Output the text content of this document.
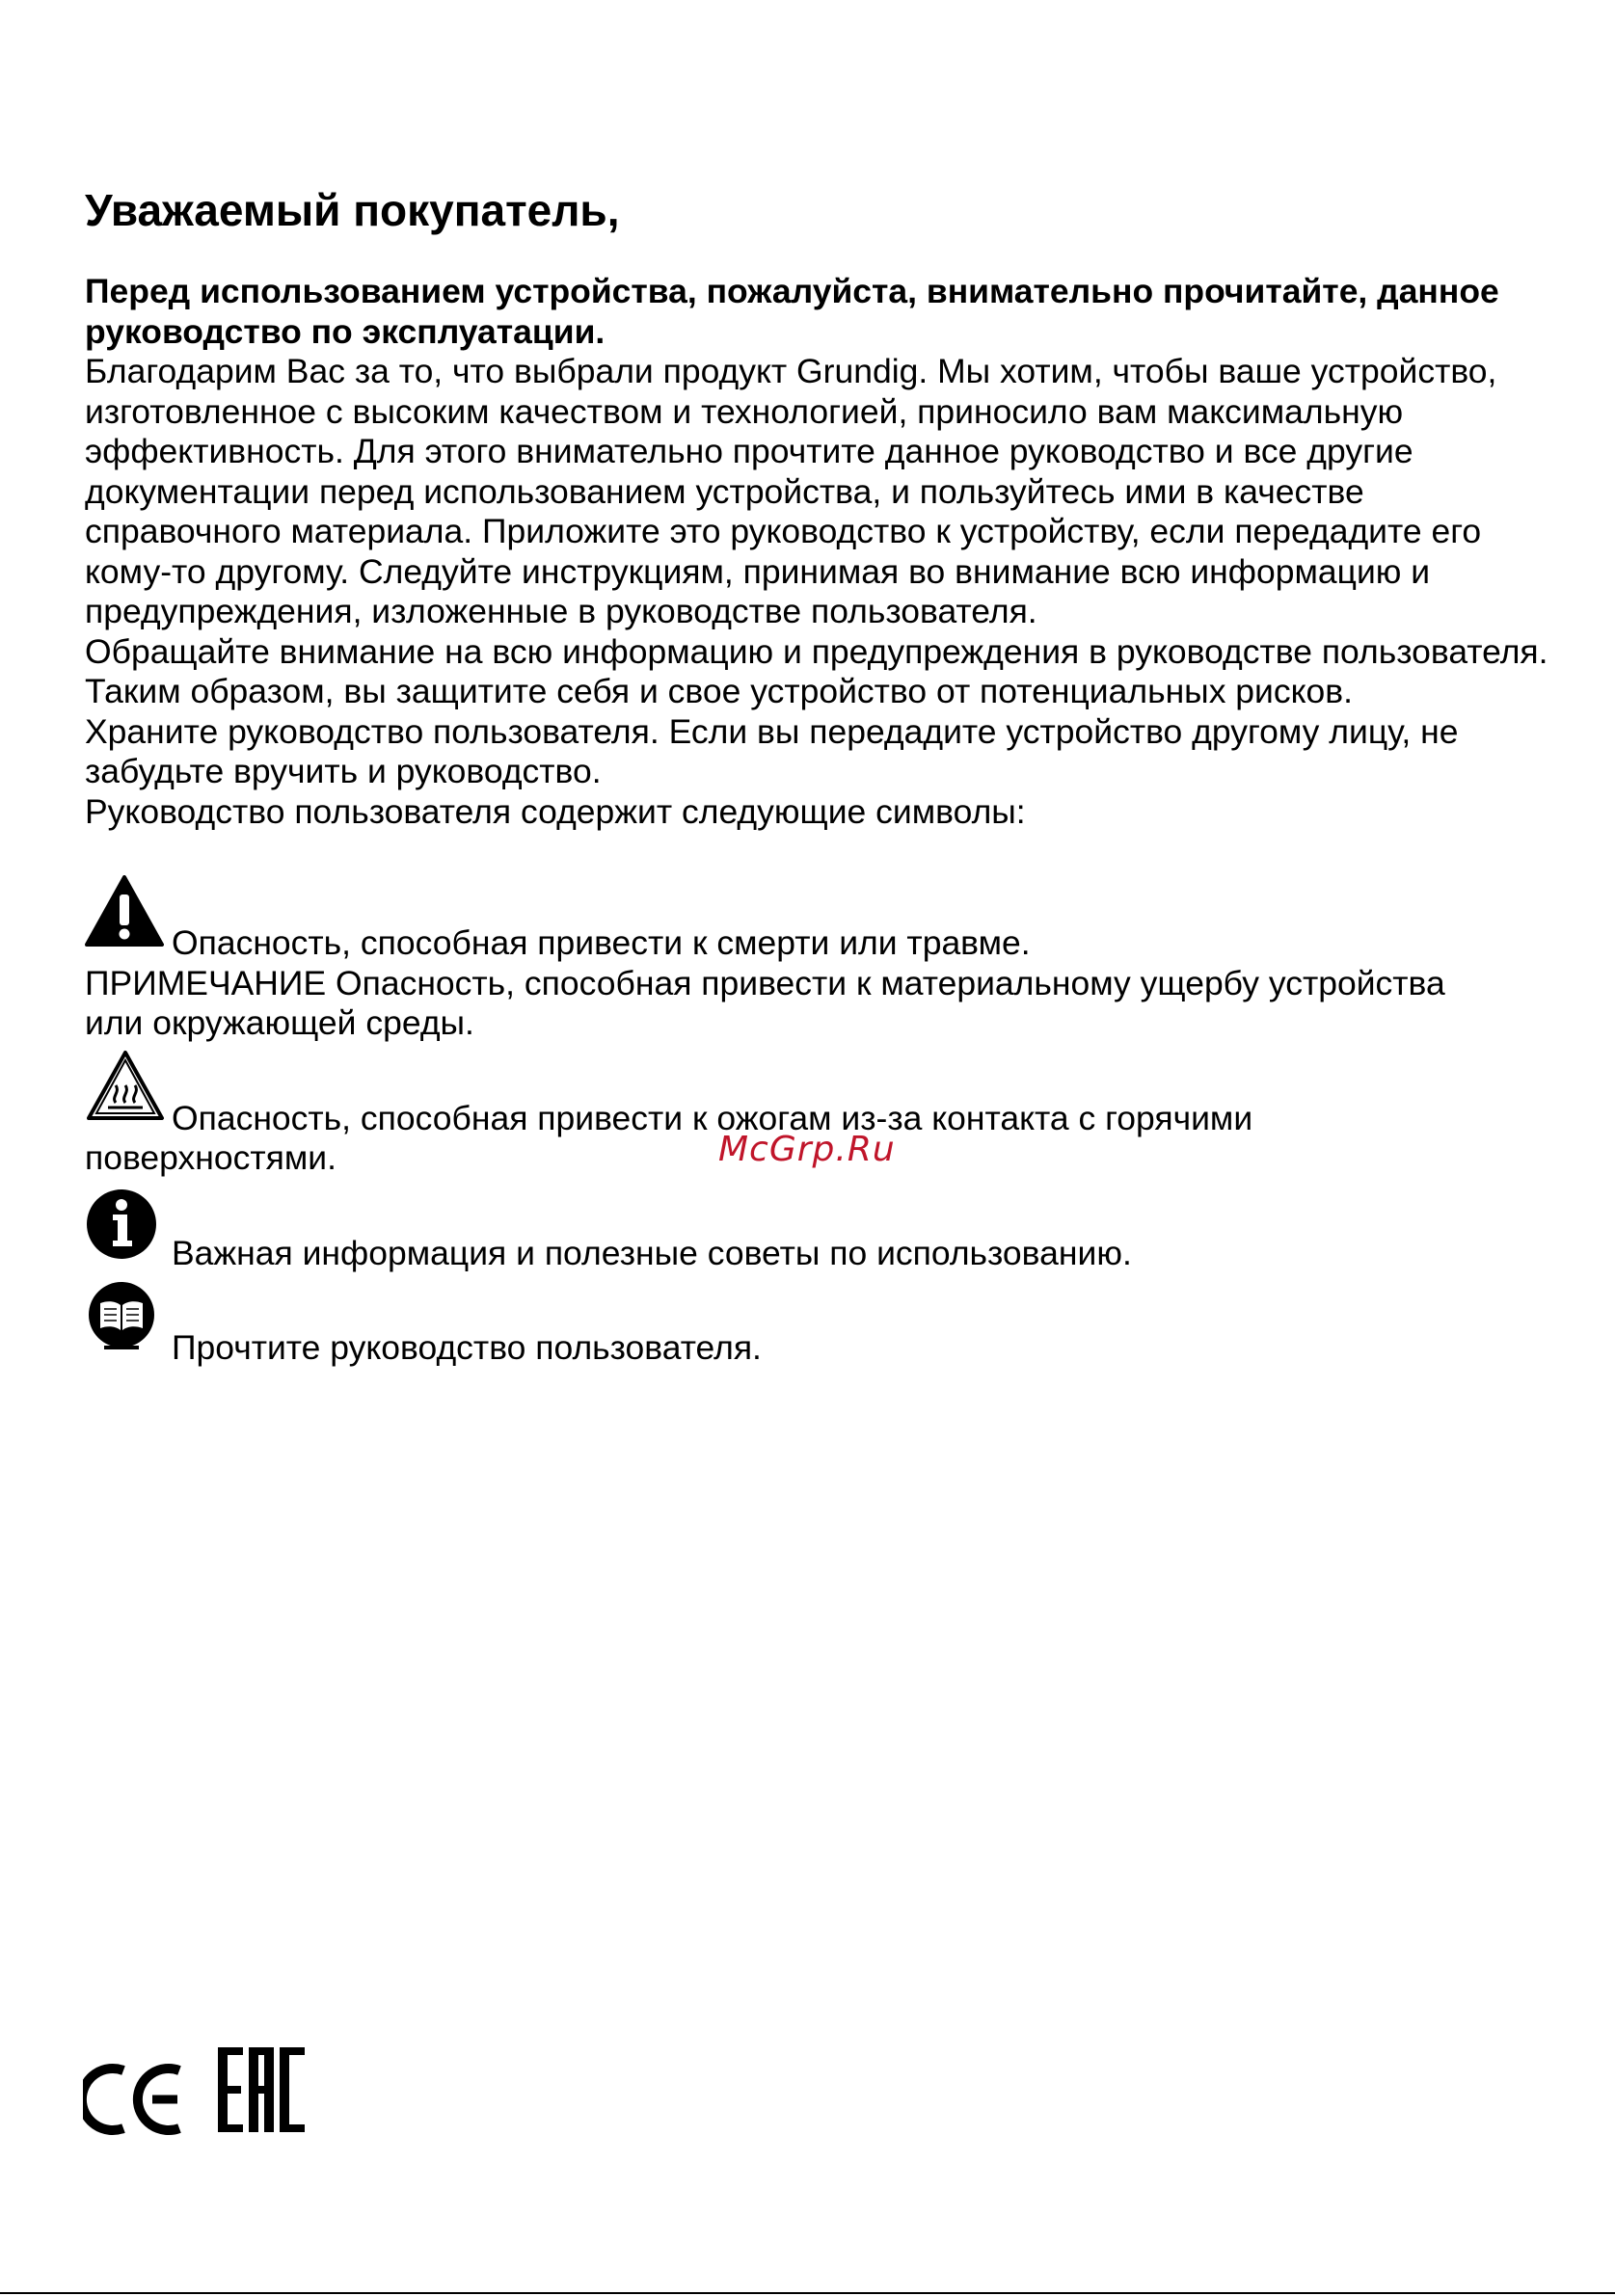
Уважаемый покупатель,

Перед использованием устройства, пожалуйста, внимательно прочитайте, данное руководство по эксплуатации.

Благодарим Вас за то, что выбрали продукт Grundig. Мы хотим, чтобы ваше устройство, изготовленное с высоким качеством и технологией, приносило вам максимальную эффективность. Для этого внимательно прочтите данное руководство и все другие документации перед использованием устройства, и пользуйтесь ими в качестве справочного материала. Приложите это руководство к устройству, если передадите его кому-то другому. Следуйте инструкциям, принимая во внимание всю информацию и предупреждения, изложенные в руководстве пользователя.

Обращайте внимание на всю информацию и предупреждения в руководстве пользователя. Таким образом, вы защитите себя и свое устройство от потенциальных рисков.

Храните руководство пользователя. Если вы передадите устройство другому лицу, не забудьте вручить и руководство.

Руководство пользователя содержит следующие символы:

Опасность, способная привести к смерти или травме.
ПРИМЕЧАНИЕ Опасность, способная привести к материальному ущербу устройства
или окружающей среды.
Опасность, способная привести к ожогам из-за контакта с горячими
поверхностями.
Важная информация и полезные советы по использованию.
Прочтите руководство пользователя.
McGrp.Ru
